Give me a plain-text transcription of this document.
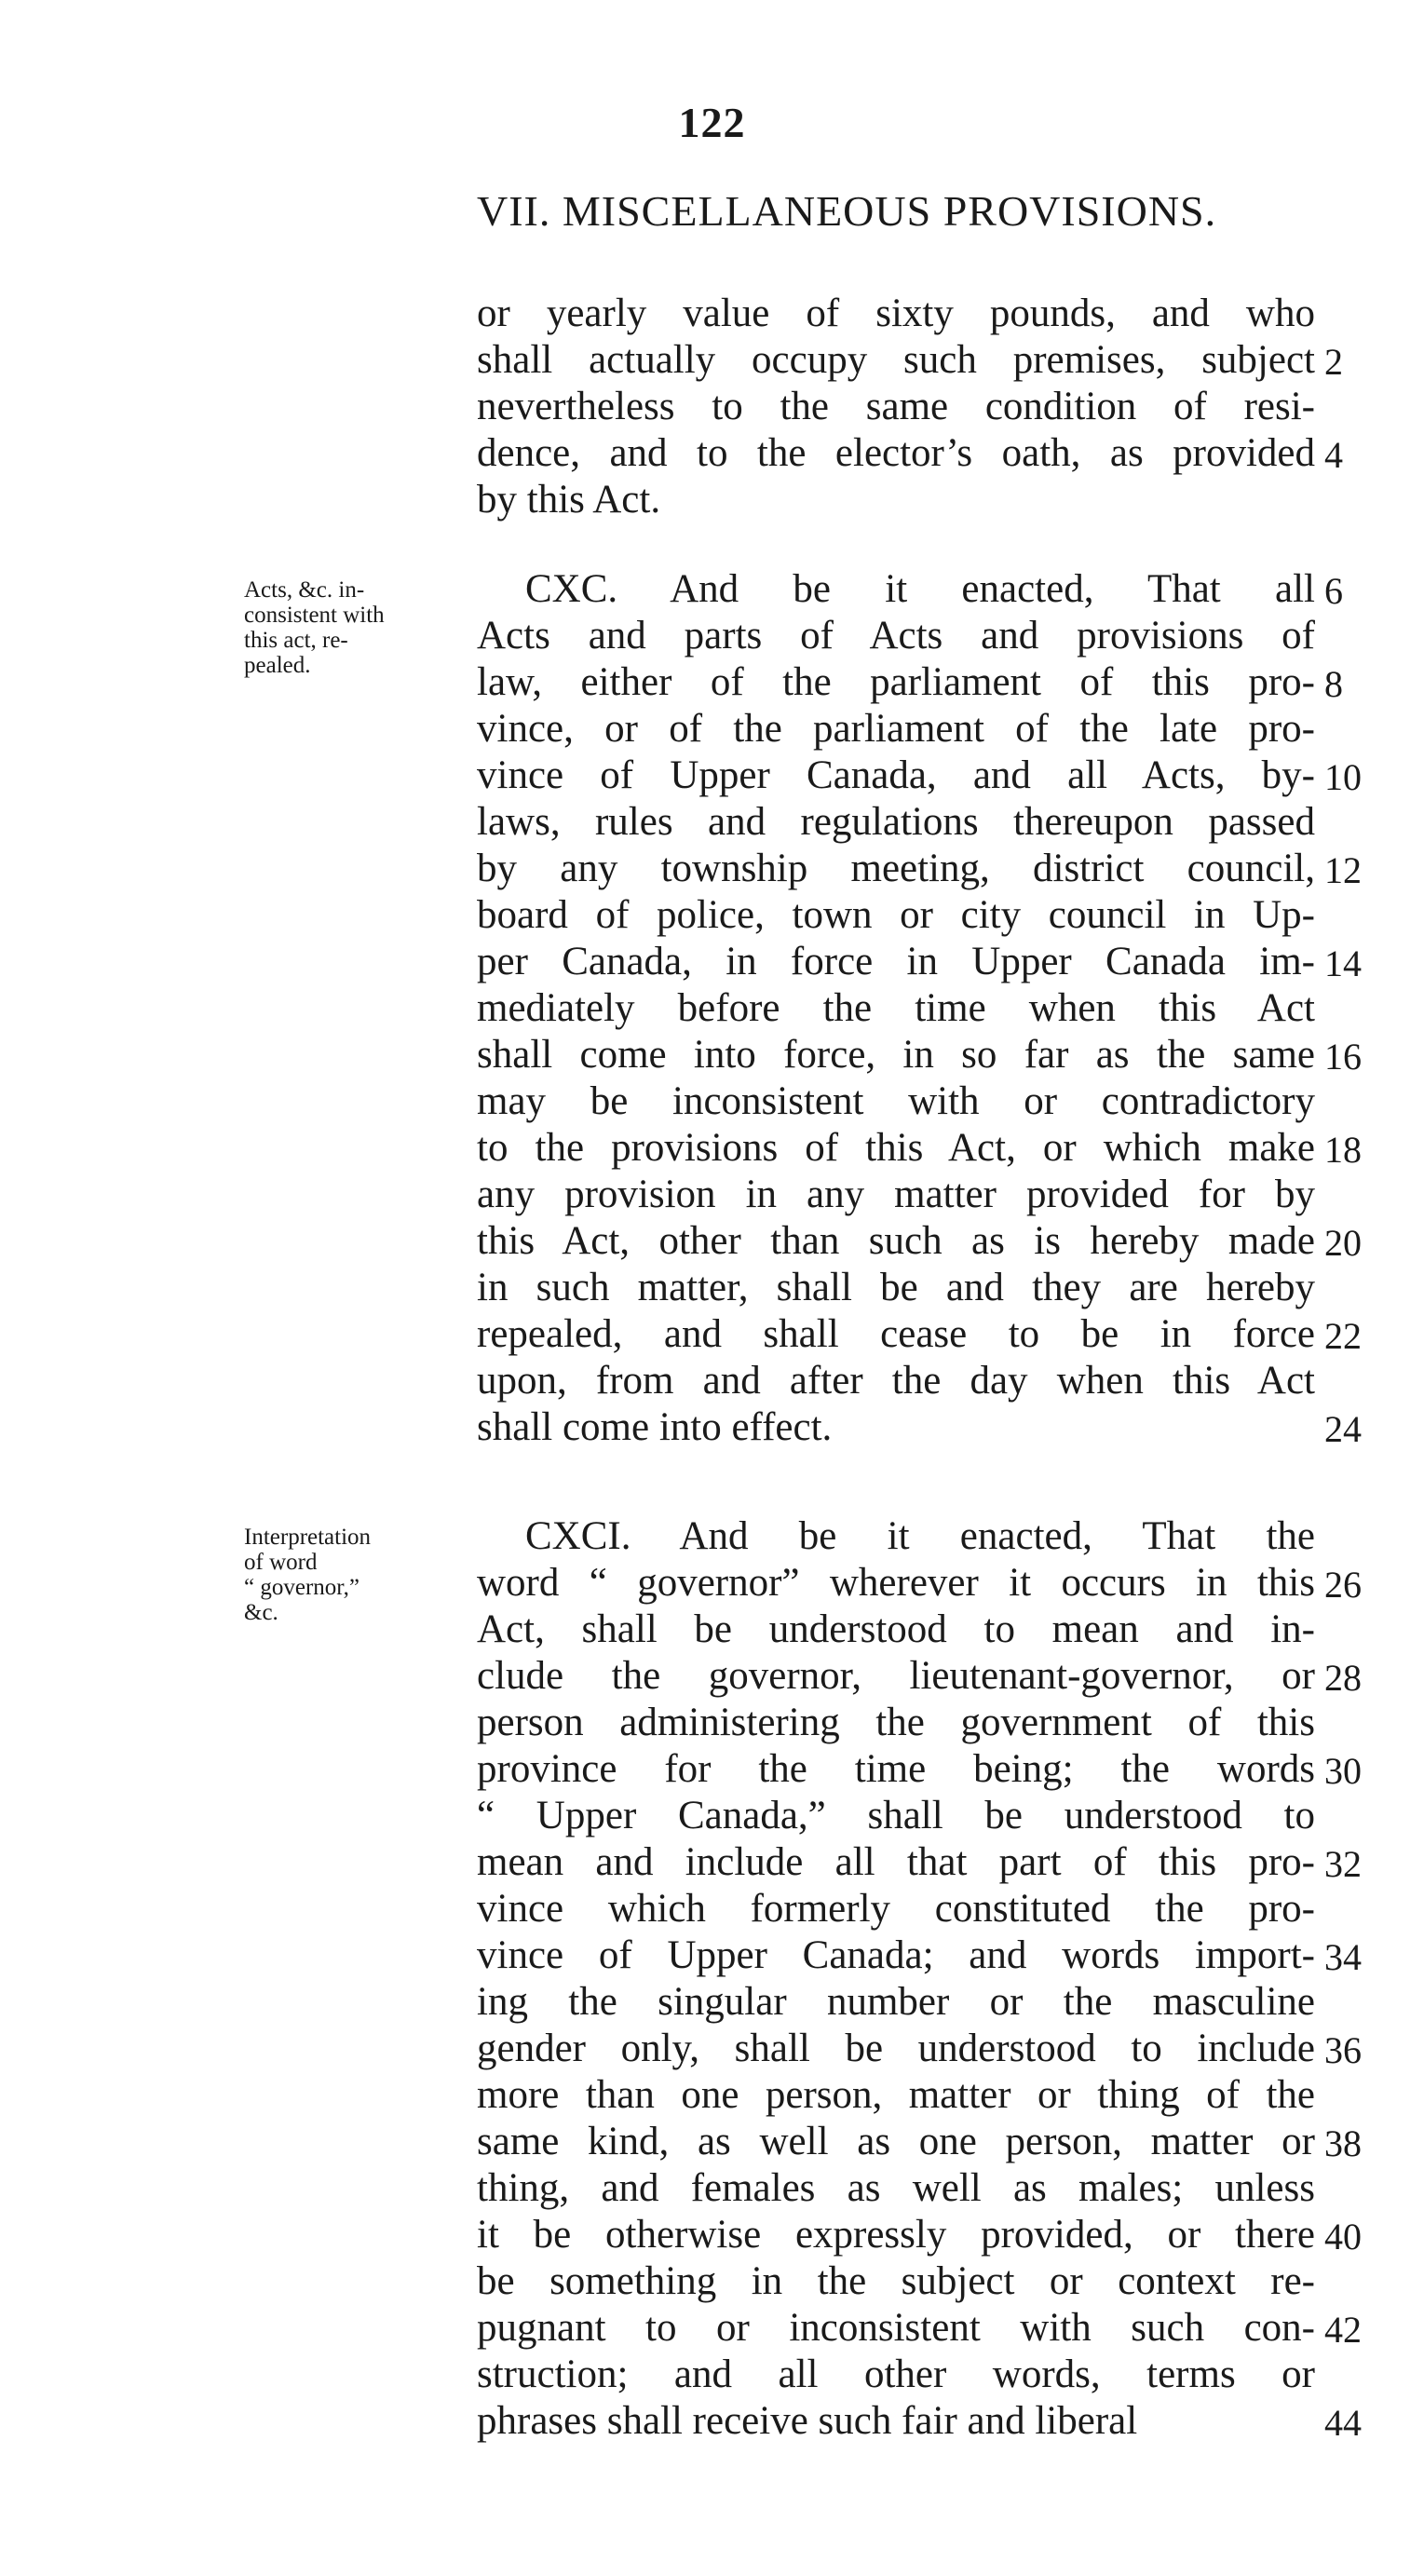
122
VII. MISCELLANEOUS PROVISIONS.
or yearly value of sixty pounds, and who
shall actually occupy such premises, subject 2
nevertheless to the same condition of resi-
dence, and to the elector’s oath, as provided 4
by this Act.
Acts, &c. in-
consistent with
this act, re-
pealed.
CXC. And be it enacted, That all 6
Acts and parts of Acts and provisions of
law, either of the parliament of this pro- 8
vince, or of the parliament of the late pro-
vince of Upper Canada, and all Acts, by- 10
laws, rules and regulations thereupon passed
by any township meeting, district council, 12
board of police, town or city council in Up-
per Canada, in force in Upper Canada im- 14
mediately before the time when this Act
shall come into force, in so far as the same 16
may be inconsistent with or contradictory
to the provisions of this Act, or which make 18
any provision in any matter provided for by
this Act, other than such as is hereby made 20
in such matter, shall be and they are hereby
repealed, and shall cease to be in force 22
upon, from and after the day when this Act
shall come into effect.	24
Interpretation
of word
“ governor,”
&c.
CXCI. And be it enacted, That the
word “ governor” wherever it occurs in this 26
Act, shall be understood to mean and in-
clude the governor, lieutenant-governor, or 28
person administering the government of this
province for the time being; the words 30
“ Upper Canada,” shall be understood to
mean and include all that part of this pro- 32
vince which formerly constituted the pro-
vince of Upper Canada; and words import- 34
ing the singular number or the masculine
gender only, shall be understood to include 36
more than one person, matter or thing of the
same kind, as well as one person, matter or 38
thing, and females as well as males; unless
it be otherwise expressly provided, or there 40
be something in the subject or context re-
pugnant to or inconsistent with such con- 42
struction; and all other words, terms or
phrases shall receive such fair and liberal	44
